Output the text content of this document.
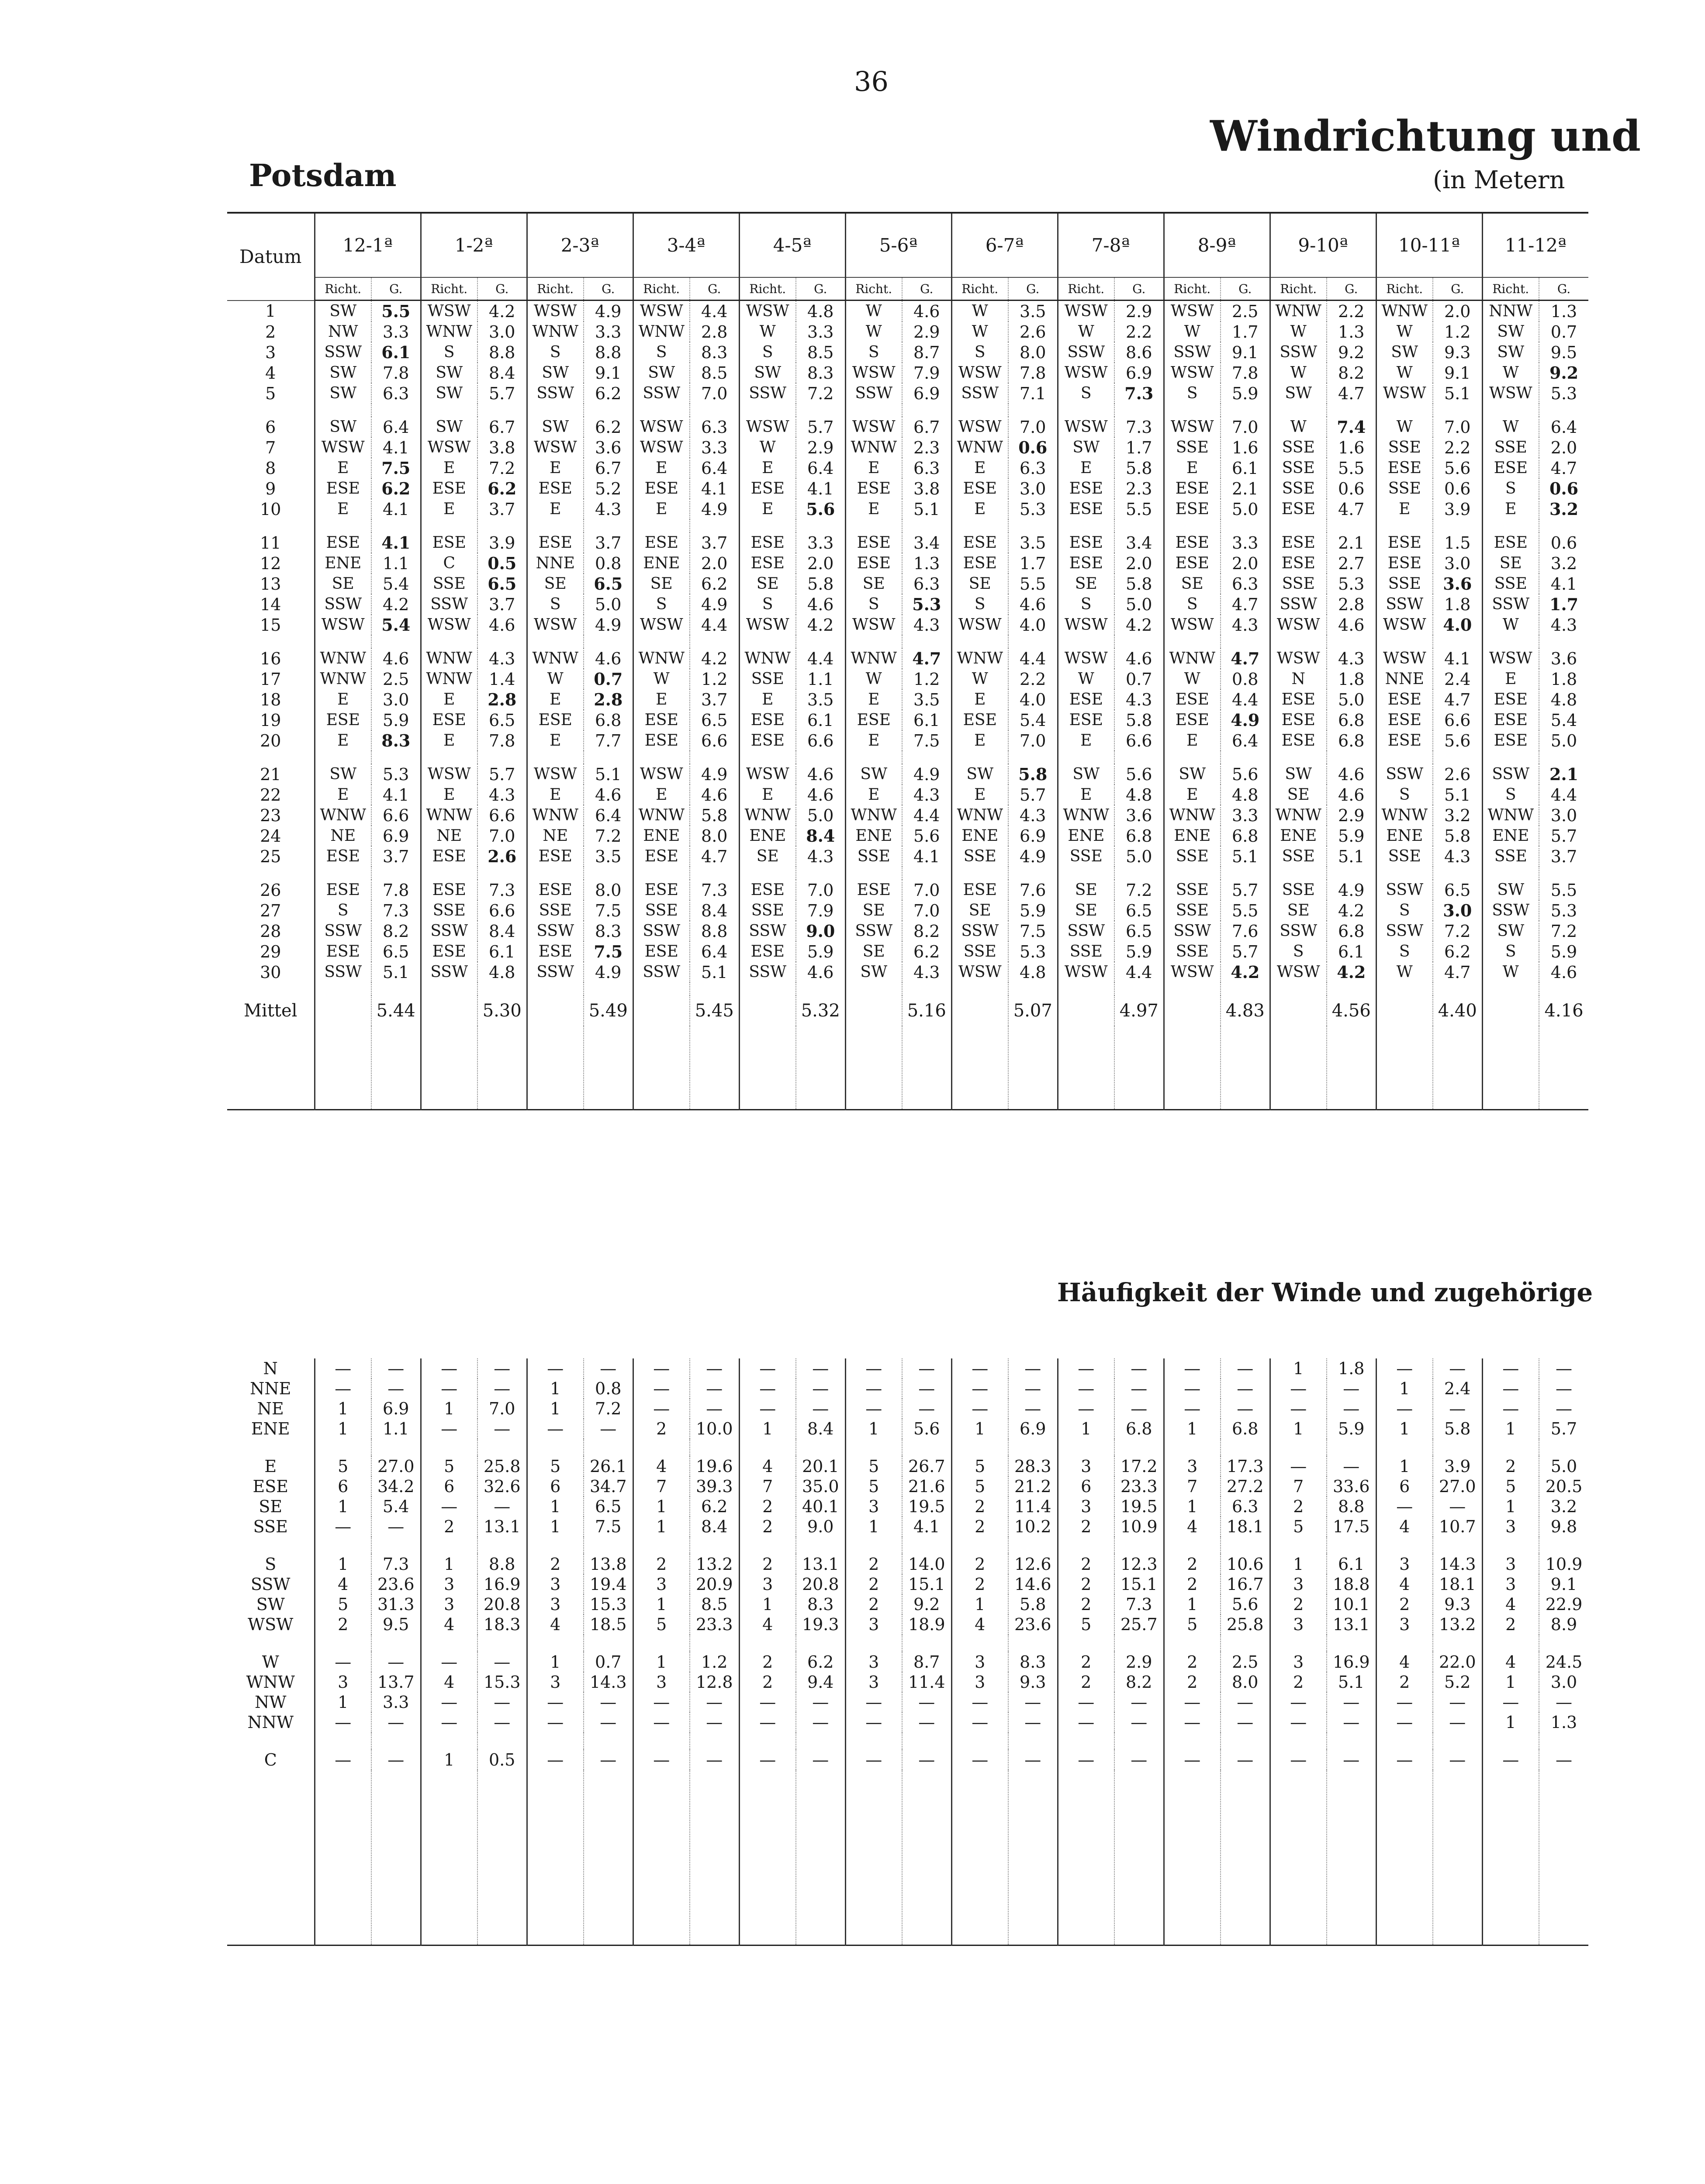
36
Windrichtung und
(in Metern
Potsdam
Datum	12-1ª		1-2ª		2-3ª		3-4ª		4-5ª		5-6ª		6-7ª		7-8ª		8-9ª		9-10ª		10-11ª		11-12ª	
	Richt.	G.	Richt.	G.	Richt.	G.	Richt.	G.	Richt.	G.	Richt.	G.	Richt.	G.	Richt.	G.	Richt.	G.	Richt.	G.	Richt.	G.	Richt.	G.
1	SW	5.5	WSW	4.2	WSW	4.9	WSW	4.4	WSW	4.8	W	4.6	W	3.5	WSW	2.9	WSW	2.5	WNW	2.2	WNW	2.0	NNW	1.3
2	NW	3.3	WNW	3.0	WNW	3.3	WNW	2.8	W	3.3	W	2.9	W	2.6	W	2.2	W	1.7	W	1.3	W	1.2	SW	0.7
3	SSW	6.1	S	8.8	S	8.8	S	8.3	S	8.5	S	8.7	S	8.0	SSW	8.6	SSW	9.1	SSW	9.2	SW	9.3	SW	9.5
4	SW	7.8	SW	8.4	SW	9.1	SW	8.5	SW	8.3	WSW	7.9	WSW	7.8	WSW	6.9	WSW	7.8	W	8.2	W	9.1	W	9.2
5	SW	6.3	SW	5.7	SSW	6.2	SSW	7.0	SSW	7.2	SSW	6.9	SSW	7.1	S	7.3	S	5.9	SW	4.7	WSW	5.1	WSW	5.3

6	SW	6.4	SW	6.7	SW	6.2	WSW	6.3	WSW	5.7	WSW	6.7	WSW	7.0	WSW	7.3	WSW	7.0	W	7.4	W	7.0	W	6.4
7	WSW	4.1	WSW	3.8	WSW	3.6	WSW	3.3	W	2.9	WNW	2.3	WNW	0.6	SW	1.7	SSE	1.6	SSE	1.6	SSE	2.2	SSE	2.0
8	E	7.5	E	7.2	E	6.7	E	6.4	E	6.4	E	6.3	E	6.3	E	5.8	E	6.1	SSE	5.5	ESE	5.6	ESE	4.7
9	ESE	6.2	ESE	6.2	ESE	5.2	ESE	4.1	ESE	4.1	ESE	3.8	ESE	3.0	ESE	2.3	ESE	2.1	SSE	0.6	SSE	0.6	S	0.6
10	E	4.1	E	3.7	E	4.3	E	4.9	E	5.6	E	5.1	E	5.3	ESE	5.5	ESE	5.0	ESE	4.7	E	3.9	E	3.2

11	ESE	4.1	ESE	3.9	ESE	3.7	ESE	3.7	ESE	3.3	ESE	3.4	ESE	3.5	ESE	3.4	ESE	3.3	ESE	2.1	ESE	1.5	ESE	0.6
12	ENE	1.1	C	0.5	NNE	0.8	ENE	2.0	ESE	2.0	ESE	1.3	ESE	1.7	ESE	2.0	ESE	2.0	ESE	2.7	ESE	3.0	SE	3.2
13	SE	5.4	SSE	6.5	SE	6.5	SE	6.2	SE	5.8	SE	6.3	SE	5.5	SE	5.8	SE	6.3	SSE	5.3	SSE	3.6	SSE	4.1
14	SSW	4.2	SSW	3.7	S	5.0	S	4.9	S	4.6	S	5.3	S	4.6	S	5.0	S	4.7	SSW	2.8	SSW	1.8	SSW	1.7
15	WSW	5.4	WSW	4.6	WSW	4.9	WSW	4.4	WSW	4.2	WSW	4.3	WSW	4.0	WSW	4.2	WSW	4.3	WSW	4.6	WSW	4.0	W	4.3

16	WNW	4.6	WNW	4.3	WNW	4.6	WNW	4.2	WNW	4.4	WNW	4.7	WNW	4.4	WSW	4.6	WNW	4.7	WSW	4.3	WSW	4.1	WSW	3.6
17	WNW	2.5	WNW	1.4	W	0.7	W	1.2	SSE	1.1	W	1.2	W	2.2	W	0.7	W	0.8	N	1.8	NNE	2.4	E	1.8
18	E	3.0	E	2.8	E	2.8	E	3.7	E	3.5	E	3.5	E	4.0	ESE	4.3	ESE	4.4	ESE	5.0	ESE	4.7	ESE	4.8
19	ESE	5.9	ESE	6.5	ESE	6.8	ESE	6.5	ESE	6.1	ESE	6.1	ESE	5.4	ESE	5.8	ESE	4.9	ESE	6.8	ESE	6.6	ESE	5.4
20	E	8.3	E	7.8	E	7.7	ESE	6.6	ESE	6.6	E	7.5	E	7.0	E	6.6	E	6.4	ESE	6.8	ESE	5.6	ESE	5.0

21	SW	5.3	WSW	5.7	WSW	5.1	WSW	4.9	WSW	4.6	SW	4.9	SW	5.8	SW	5.6	SW	5.6	SW	4.6	SSW	2.6	SSW	2.1
22	E	4.1	E	4.3	E	4.6	E	4.6	E	4.6	E	4.3	E	5.7	E	4.8	E	4.8	SE	4.6	S	5.1	S	4.4
23	WNW	6.6	WNW	6.6	WNW	6.4	WNW	5.8	WNW	5.0	WNW	4.4	WNW	4.3	WNW	3.6	WNW	3.3	WNW	2.9	WNW	3.2	WNW	3.0
24	NE	6.9	NE	7.0	NE	7.2	ENE	8.0	ENE	8.4	ENE	5.6	ENE	6.9	ENE	6.8	ENE	6.8	ENE	5.9	ENE	5.8	ENE	5.7
25	ESE	3.7	ESE	2.6	ESE	3.5	ESE	4.7	SE	4.3	SSE	4.1	SSE	4.9	SSE	5.0	SSE	5.1	SSE	5.1	SSE	4.3	SSE	3.7

26	ESE	7.8	ESE	7.3	ESE	8.0	ESE	7.3	ESE	7.0	ESE	7.0	ESE	7.6	SE	7.2	SSE	5.7	SSE	4.9	SSW	6.5	SW	5.5
27	S	7.3	SSE	6.6	SSE	7.5	SSE	8.4	SSE	7.9	SE	7.0	SE	5.9	SE	6.5	SSE	5.5	SE	4.2	S	3.0	SSW	5.3
28	SSW	8.2	SSW	8.4	SSW	8.3	SSW	8.8	SSW	9.0	SSW	8.2	SSW	7.5	SSW	6.5	SSW	7.6	SSW	6.8	SSW	7.2	SW	7.2
29	ESE	6.5	ESE	6.1	ESE	7.5	ESE	6.4	ESE	5.9	SE	6.2	SSE	5.3	SSE	5.9	SSE	5.7	S	6.1	S	6.2	S	5.9
30	SSW	5.1	SSW	4.8	SSW	4.9	SSW	5.1	SSW	4.6	SW	4.3	WSW	4.8	WSW	4.4	WSW	4.2	WSW	4.2	W	4.7	W	4.6

Mittel		5.44		5.30		5.49		5.45		5.32		5.16		5.07		4.97		4.83		4.56		4.40		4.16

Häufigkeit der Winde und zugehörige
N	—	—	—	—	—	—	—	—	—	—	—	—	—	—	—	—	—	—	1	1.8	—	—	—	—
NNE	—	—	—	—	1	0.8	—	—	—	—	—	—	—	—	—	—	—	—	—	—	1	2.4	—	—
NE	1	6.9	1	7.0	1	7.2	—	—	—	—	—	—	—	—	—	—	—	—	—	—	—	—	—	—
ENE	1	1.1	—	—	—	—	2	10.0	1	8.4	1	5.6	1	6.9	1	6.8	1	6.8	1	5.9	1	5.8	1	5.7

E	5	27.0	5	25.8	5	26.1	4	19.6	4	20.1	5	26.7	5	28.3	3	17.2	3	17.3	—	—	1	3.9	2	5.0
ESE	6	34.2	6	32.6	6	34.7	7	39.3	7	35.0	5	21.6	5	21.2	6	23.3	7	27.2	7	33.6	6	27.0	5	20.5
SE	1	5.4	—	—	1	6.5	1	6.2	2	40.1	3	19.5	2	11.4	3	19.5	1	6.3	2	8.8	—	—	1	3.2
SSE	—	—	2	13.1	1	7.5	1	8.4	2	9.0	1	4.1	2	10.2	2	10.9	4	18.1	5	17.5	4	10.7	3	9.8

S	1	7.3	1	8.8	2	13.8	2	13.2	2	13.1	2	14.0	2	12.6	2	12.3	2	10.6	1	6.1	3	14.3	3	10.9
SSW	4	23.6	3	16.9	3	19.4	3	20.9	3	20.8	2	15.1	2	14.6	2	15.1	2	16.7	3	18.8	4	18.1	3	9.1
SW	5	31.3	3	20.8	3	15.3	1	8.5	1	8.3	2	9.2	1	5.8	2	7.3	1	5.6	2	10.1	2	9.3	4	22.9
WSW	2	9.5	4	18.3	4	18.5	5	23.3	4	19.3	3	18.9	4	23.6	5	25.7	5	25.8	3	13.1	3	13.2	2	8.9

W	—	—	—	—	1	0.7	1	1.2	2	6.2	3	8.7	3	8.3	2	2.9	2	2.5	3	16.9	4	22.0	4	24.5
WNW	3	13.7	4	15.3	3	14.3	3	12.8	2	9.4	3	11.4	3	9.3	2	8.2	2	8.0	2	5.1	2	5.2	1	3.0
NW	1	3.3	—	—	—	—	—	—	—	—	—	—	—	—	—	—	—	—	—	—	—	—	—	—
NNW	—	—	—	—	—	—	—	—	—	—	—	—	—	—	—	—	—	—	—	—	—	—	1	1.3

C	—	—	1	0.5	—	—	—	—	—	—	—	—	—	—	—	—	—	—	—	—	—	—	—	—
